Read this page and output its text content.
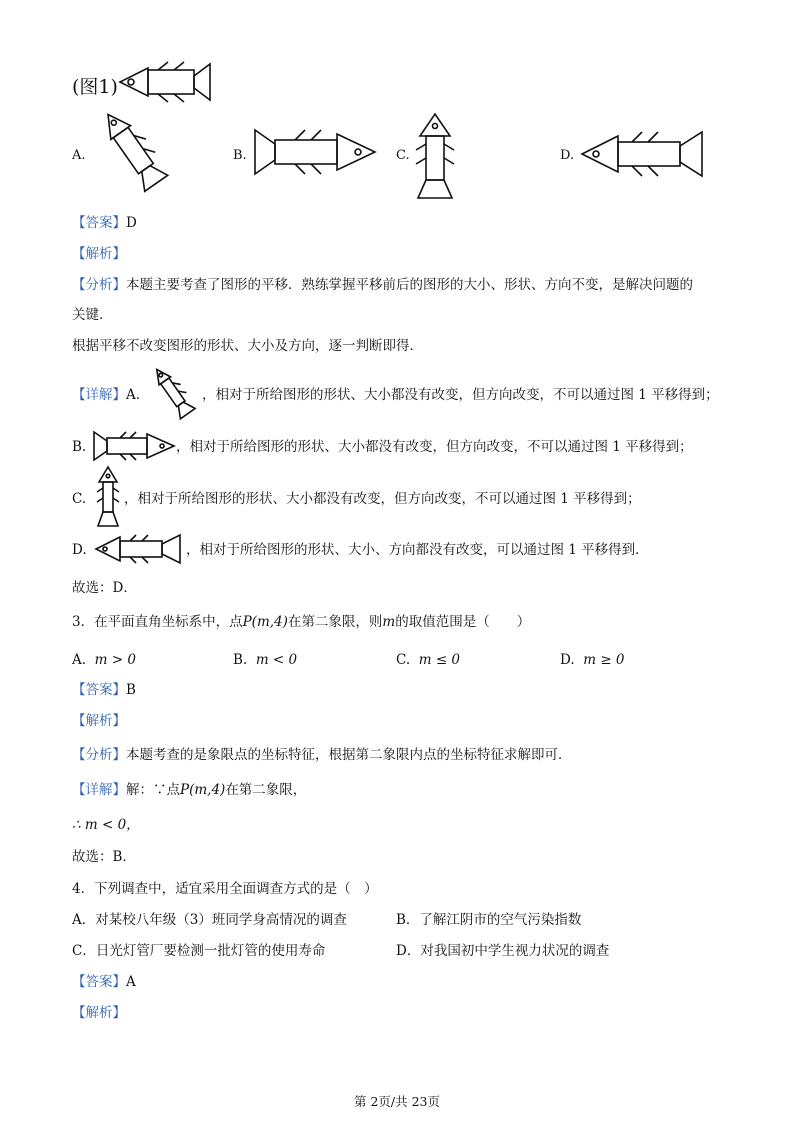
(图1)
A.	B.	C.	D.
【答案】D
【解析】
【分析】本题主要考查了图形的平移．熟练掌握平移前后的图形的大小、形状、方向不变，是解决问题的
关键．
根据平移不改变图形的形状、大小及方向，逐一判断即得．
【详解】A.	，相对于所给图形的形状、大小都没有改变，但方向改变，不可以通过图 1 平移得到；
B.	，相对于所给图形的形状、大小都没有改变，但方向改变，不可以通过图 1 平移得到；
C.	，相对于所给图形的形状、大小都没有改变，但方向改变，不可以通过图 1 平移得到；
D.	，相对于所给图形的形状、大小、方向都没有改变，可以通过图 1 平移得到．
故选：D．
3．在平面直角坐标系中，点P(m,4)在第二象限，则m的取值范围是（　　）
A. m > 0	B. m < 0	C. m ≤ 0	D. m ≥ 0
【答案】B
【解析】
【分析】本题考查的是象限点的坐标特征，根据第二象限内点的坐标特征求解即可．
【详解】解：∵点P(m,4)在第二象限，
∴ m < 0，
故选：B．
4．下列调查中，适宜采用全面调查方式的是（　）
A．对某校八年级（3）班同学身高情况的调查	B．了解江阴市的空气污染指数
C．日光灯管厂要检测一批灯管的使用寿命	D．对我国初中学生视力状况的调查
【答案】A
【解析】
第 2页/共 23页
